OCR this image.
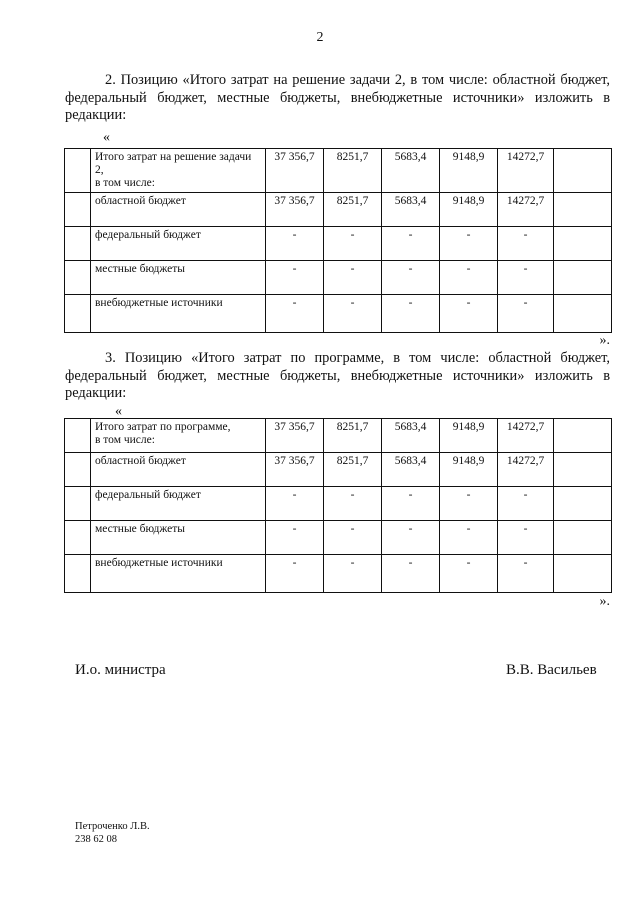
2
2. Позицию «Итого затрат на решение задачи 2, в том числе: областной бюджет, федеральный бюджет, местные бюджеты, внебюджетные источники» изложить в редакции:
«
	Итого затрат на решение задачи 2,
в том числе:	37 356,7	8251,7	5683,4	9148,9	14272,7	
	областной бюджет	37 356,7	8251,7	5683,4	9148,9	14272,7	
	федеральный бюджет	-	-	-	-	-	
	местные бюджеты	-	-	-	-	-	
	внебюджетные источники	-	-	-	-	-	
».
3. Позицию «Итого затрат по программе, в том числе: областной бюджет, федеральный бюджет, местные бюджеты, внебюджетные источники» изложить в редакции:
«
	Итого затрат по программе,
в том числе:	37 356,7	8251,7	5683,4	9148,9	14272,7	
	областной бюджет	37 356,7	8251,7	5683,4	9148,9	14272,7	
	федеральный бюджет	-	-	-	-	-	
	местные бюджеты	-	-	-	-	-	
	внебюджетные источники	-	-	-	-	-	
».
И.о. министра	В.В. Васильев
Петроченко Л.В.
238 62 08
